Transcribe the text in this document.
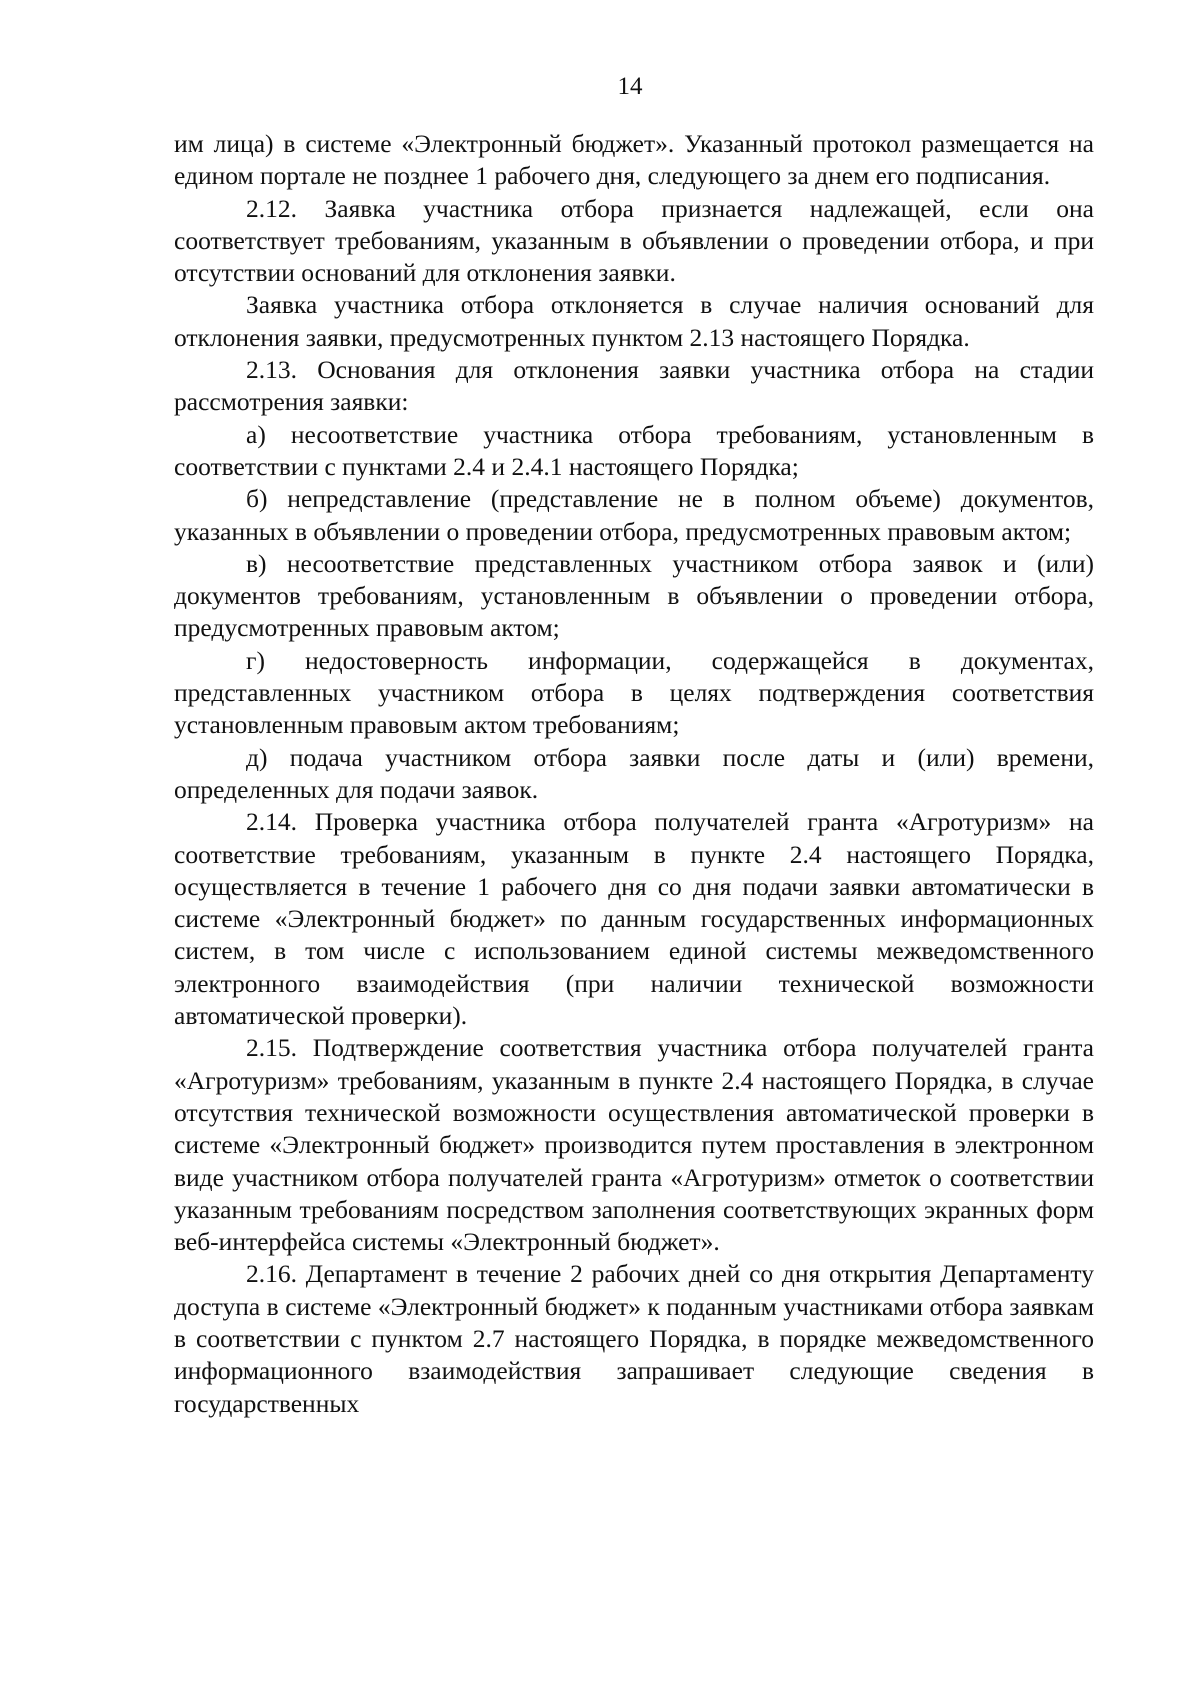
14

им лица) в системе «Электронный бюджет». Указанный протокол размещается на едином портале не позднее 1 рабочего дня, следующего за днем его подписания.

2.12. Заявка участника отбора признается надлежащей, если она соответствует требованиям, указанным в объявлении о проведении отбора, и при отсутствии оснований для отклонения заявки.

Заявка участника отбора отклоняется в случае наличия оснований для отклонения заявки, предусмотренных пунктом 2.13 настоящего Порядка.

2.13. Основания для отклонения заявки участника отбора на стадии рассмотрения заявки:

а) несоответствие участника отбора требованиям, установленным в соответствии с пунктами 2.4 и 2.4.1 настоящего Порядка;

б) непредставление (представление не в полном объеме) документов, указанных в объявлении о проведении отбора, предусмотренных правовым актом;

в) несоответствие представленных участником отбора заявок и (или) документов требованиям, установленным в объявлении о проведении отбора, предусмотренных правовым актом;

г) недостоверность информации, содержащейся в документах, представленных участником отбора в целях подтверждения соответствия установленным правовым актом требованиям;

д) подача участником отбора заявки после даты и (или) времени, определенных для подачи заявок.

2.14. Проверка участника отбора получателей гранта «Агротуризм» на соответствие требованиям, указанным в пункте 2.4 настоящего Порядка, осуществляется в течение 1 рабочего дня со дня подачи заявки автоматически в системе «Электронный бюджет» по данным государственных информационных систем, в том числе с использованием единой системы межведомственного электронного взаимодействия (при наличии технической возможности автоматической проверки).

2.15. Подтверждение соответствия участника отбора получателей гранта «Агротуризм» требованиям, указанным в пункте 2.4 настоящего Порядка, в случае отсутствия технической возможности осуществления автоматической проверки в системе «Электронный бюджет» производится путем проставления в электронном виде участником отбора получателей гранта «Агротуризм» отметок о соответствии указанным требованиям посредством заполнения соответствующих экранных форм веб-интерфейса системы «Электронный бюджет».

2.16. Департамент в течение 2 рабочих дней со дня открытия Департаменту доступа в системе «Электронный бюджет» к поданным участниками отбора заявкам в соответствии с пунктом 2.7 настоящего Порядка, в порядке межведомственного информационного взаимодействия запрашивает следующие сведения в государственных
